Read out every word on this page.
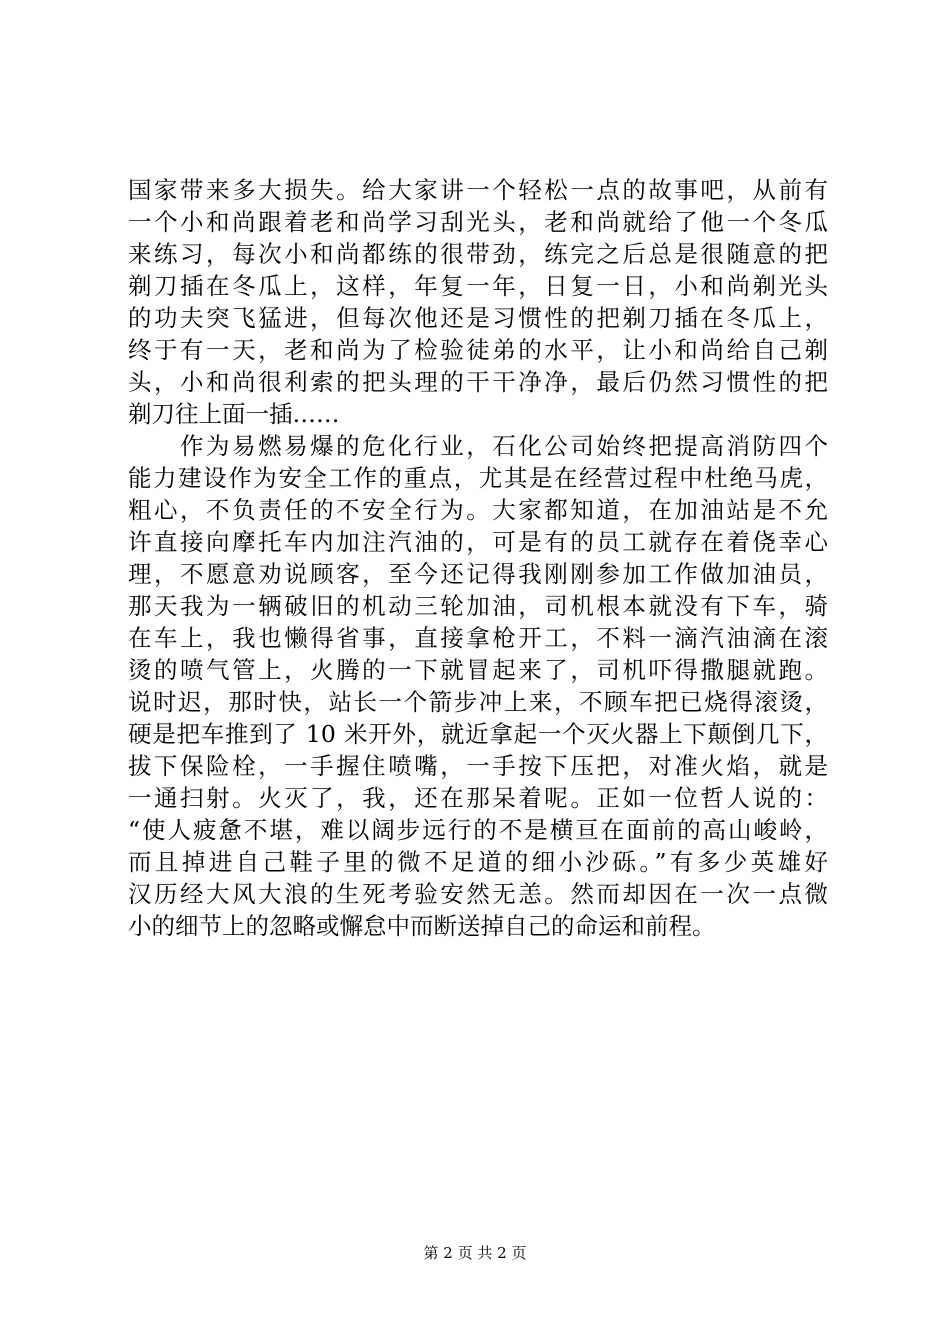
国家带来多大损失。给大家讲一个轻松一点的故事吧，从前有
一个小和尚跟着老和尚学习刮光头，老和尚就给了他一个冬瓜
来练习，每次小和尚都练的很带劲，练完之后总是很随意的把
剃刀插在冬瓜上，这样，年复一年，日复一日，小和尚剃光头
的功夫突飞猛进，但每次他还是习惯性的把剃刀插在冬瓜上，
终于有一天，老和尚为了检验徒弟的水平，让小和尚给自己剃
头，小和尚很利索的把头理的干干净净，最后仍然习惯性的把
剃刀往上面一插……
　　作为易燃易爆的危化行业，石化公司始终把提高消防四个
能力建设作为安全工作的重点，尤其是在经营过程中杜绝马虎，
粗心，不负责任的不安全行为。大家都知道，在加油站是不允
许直接向摩托车内加注汽油的，可是有的员工就存在着侥幸心
理，不愿意劝说顾客，至今还记得我刚刚参加工作做加油员，
那天我为一辆破旧的机动三轮加油，司机根本就没有下车，骑
在车上，我也懒得省事，直接拿枪开工，不料一滴汽油滴在滚
烫的喷气管上，火腾的一下就冒起来了，司机吓得撒腿就跑。
说时迟，那时快，站长一个箭步冲上来，不顾车把已烧得滚烫，
硬是把车推到了 10 米开外，就近拿起一个灭火器上下颠倒几下，
拔下保险栓，一手握住喷嘴，一手按下压把，对准火焰，就是
一通扫射。火灭了，我，还在那呆着呢。正如一位哲人说的：
“使人疲惫不堪，难以阔步远行的不是横亘在面前的高山峻岭，
而且掉进自己鞋子里的微不足道的细小沙砾。”有多少英雄好
汉历经大风大浪的生死考验安然无恙。然而却因在一次一点微
小的细节上的忽略或懈怠中而断送掉自己的命运和前程。
第 2 页 共 2 页
